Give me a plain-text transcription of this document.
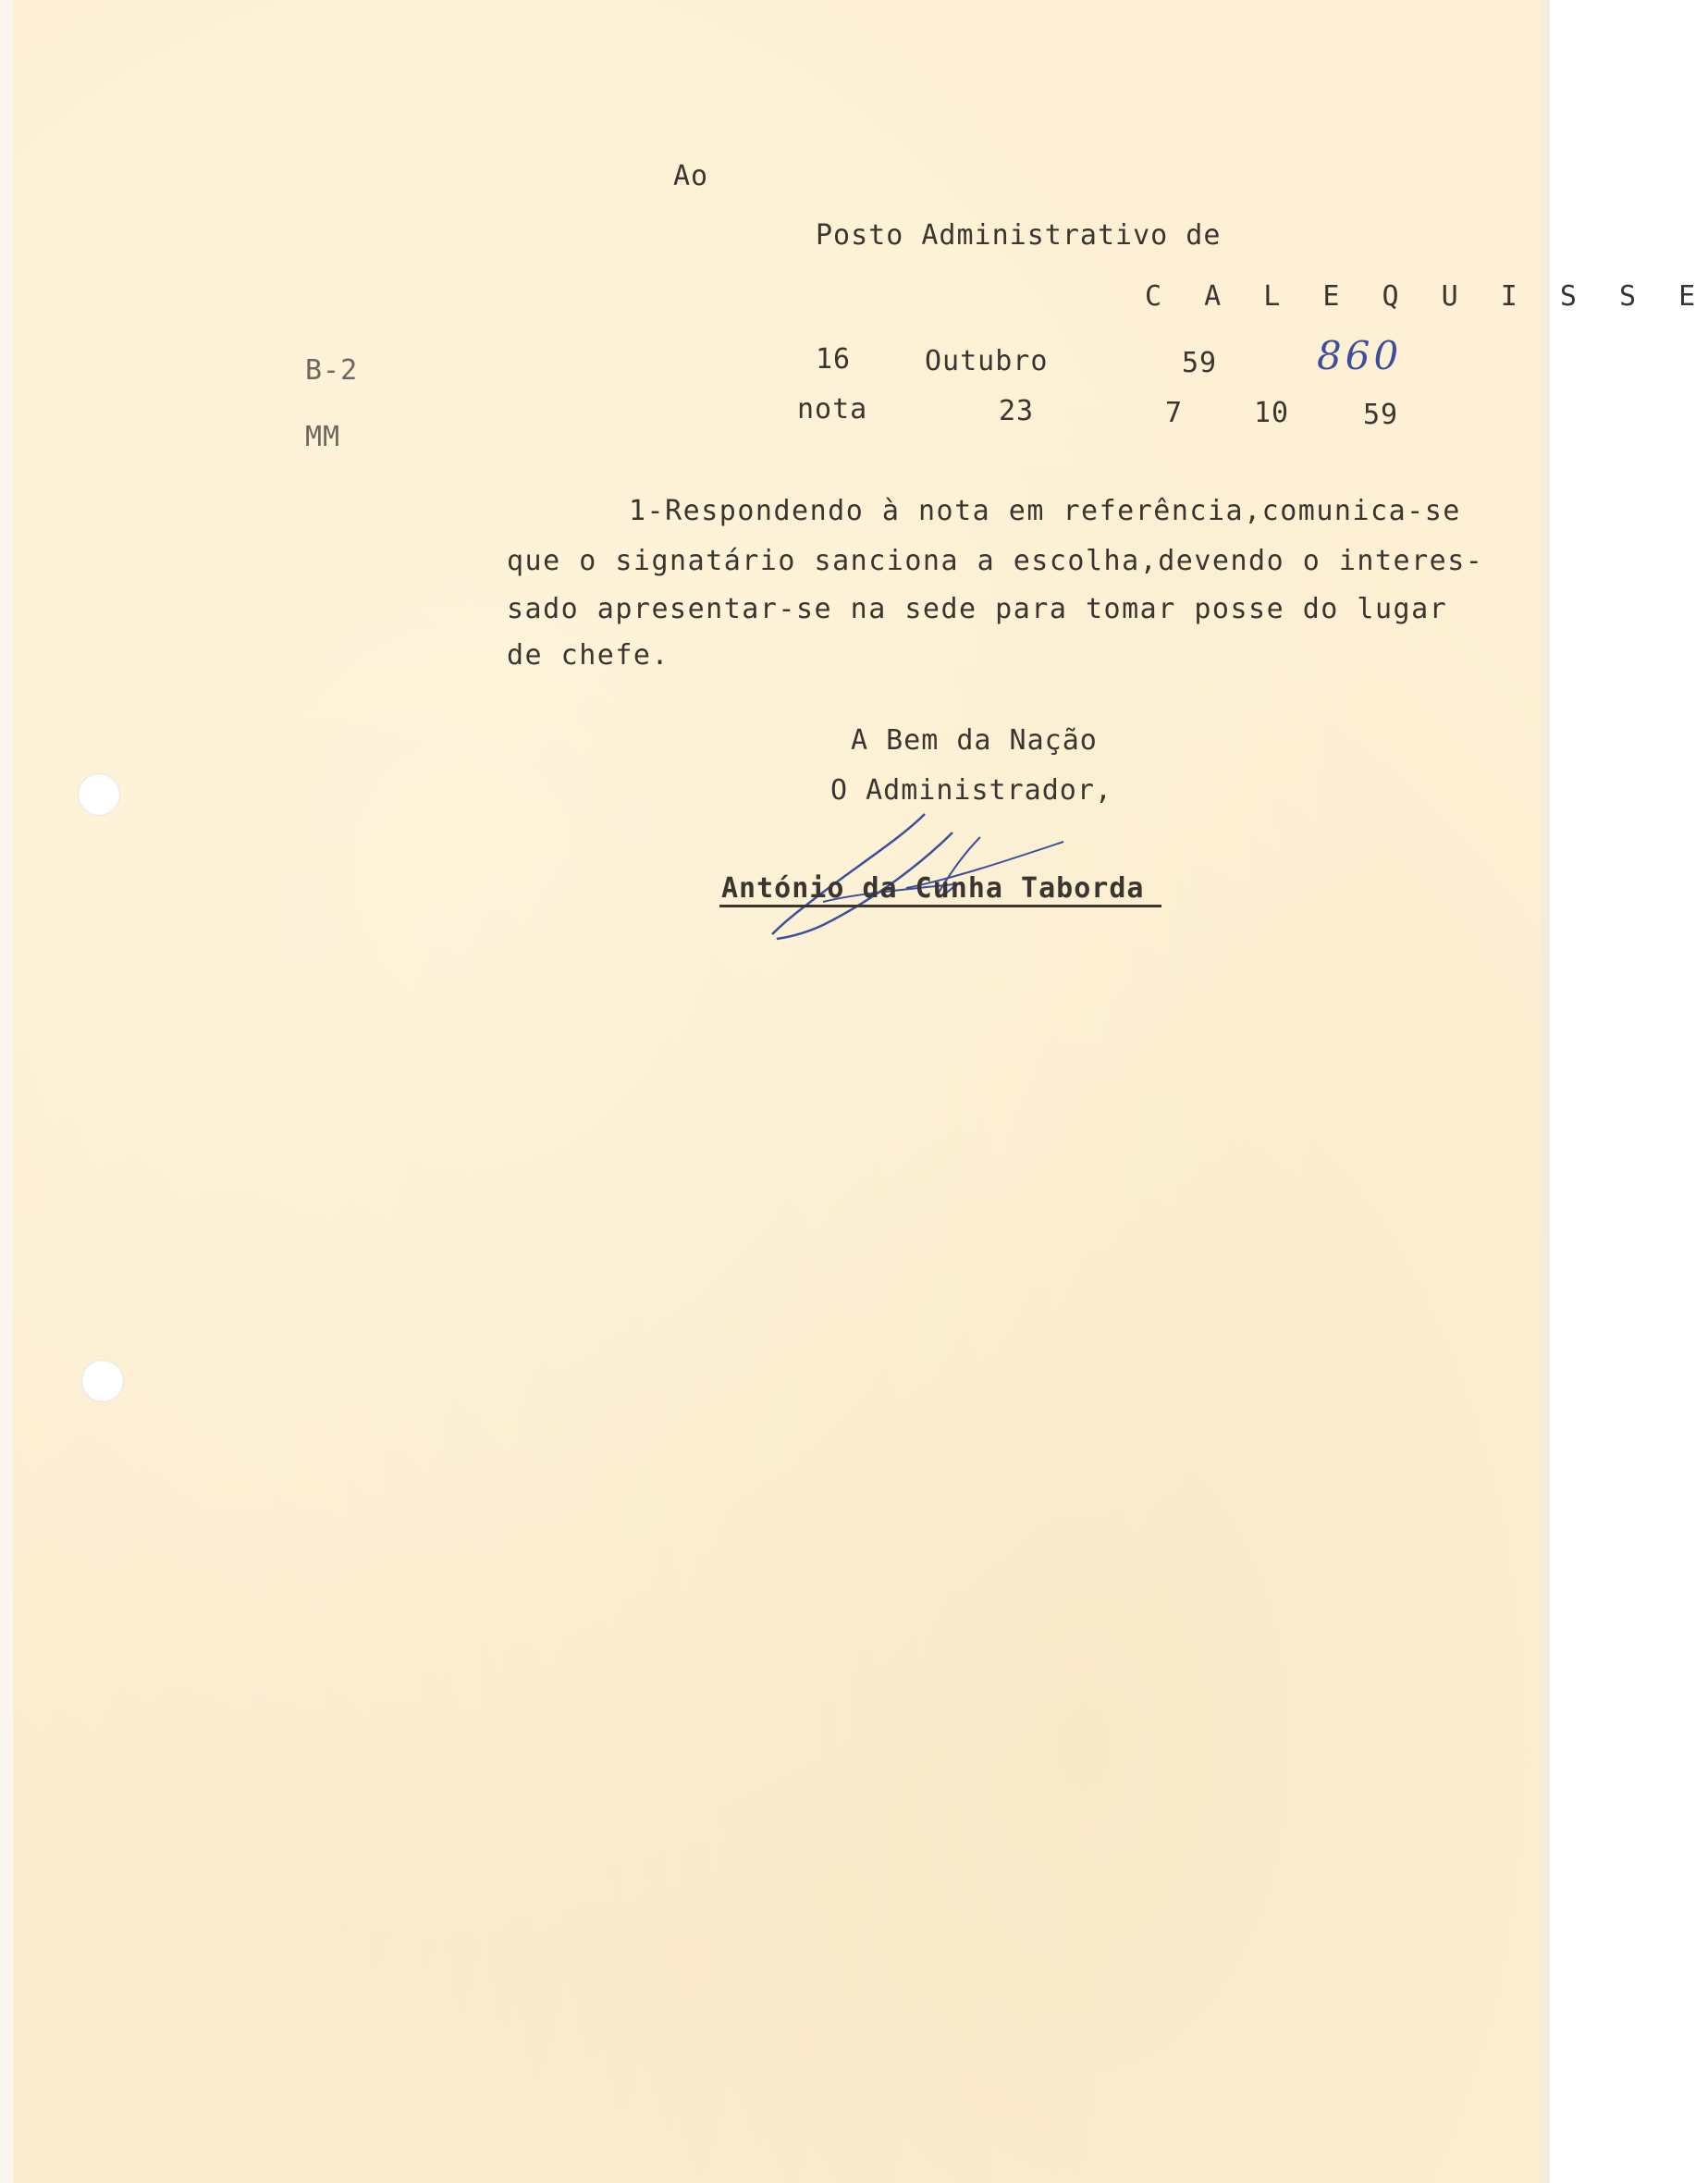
Ao
Posto Administrativo de
C A L E Q U I S S E
B-2
MM
16	Outubro	59	860
nota	23	7	10	59
1-Respondendo à nota em referência,comunica-se
que o signatário sanciona a escolha,devendo o interes-
sado apresentar-se na sede para tomar posse do lugar
de chefe.
A Bem da Nação
O Administrador,
António da Cunha Taborda
